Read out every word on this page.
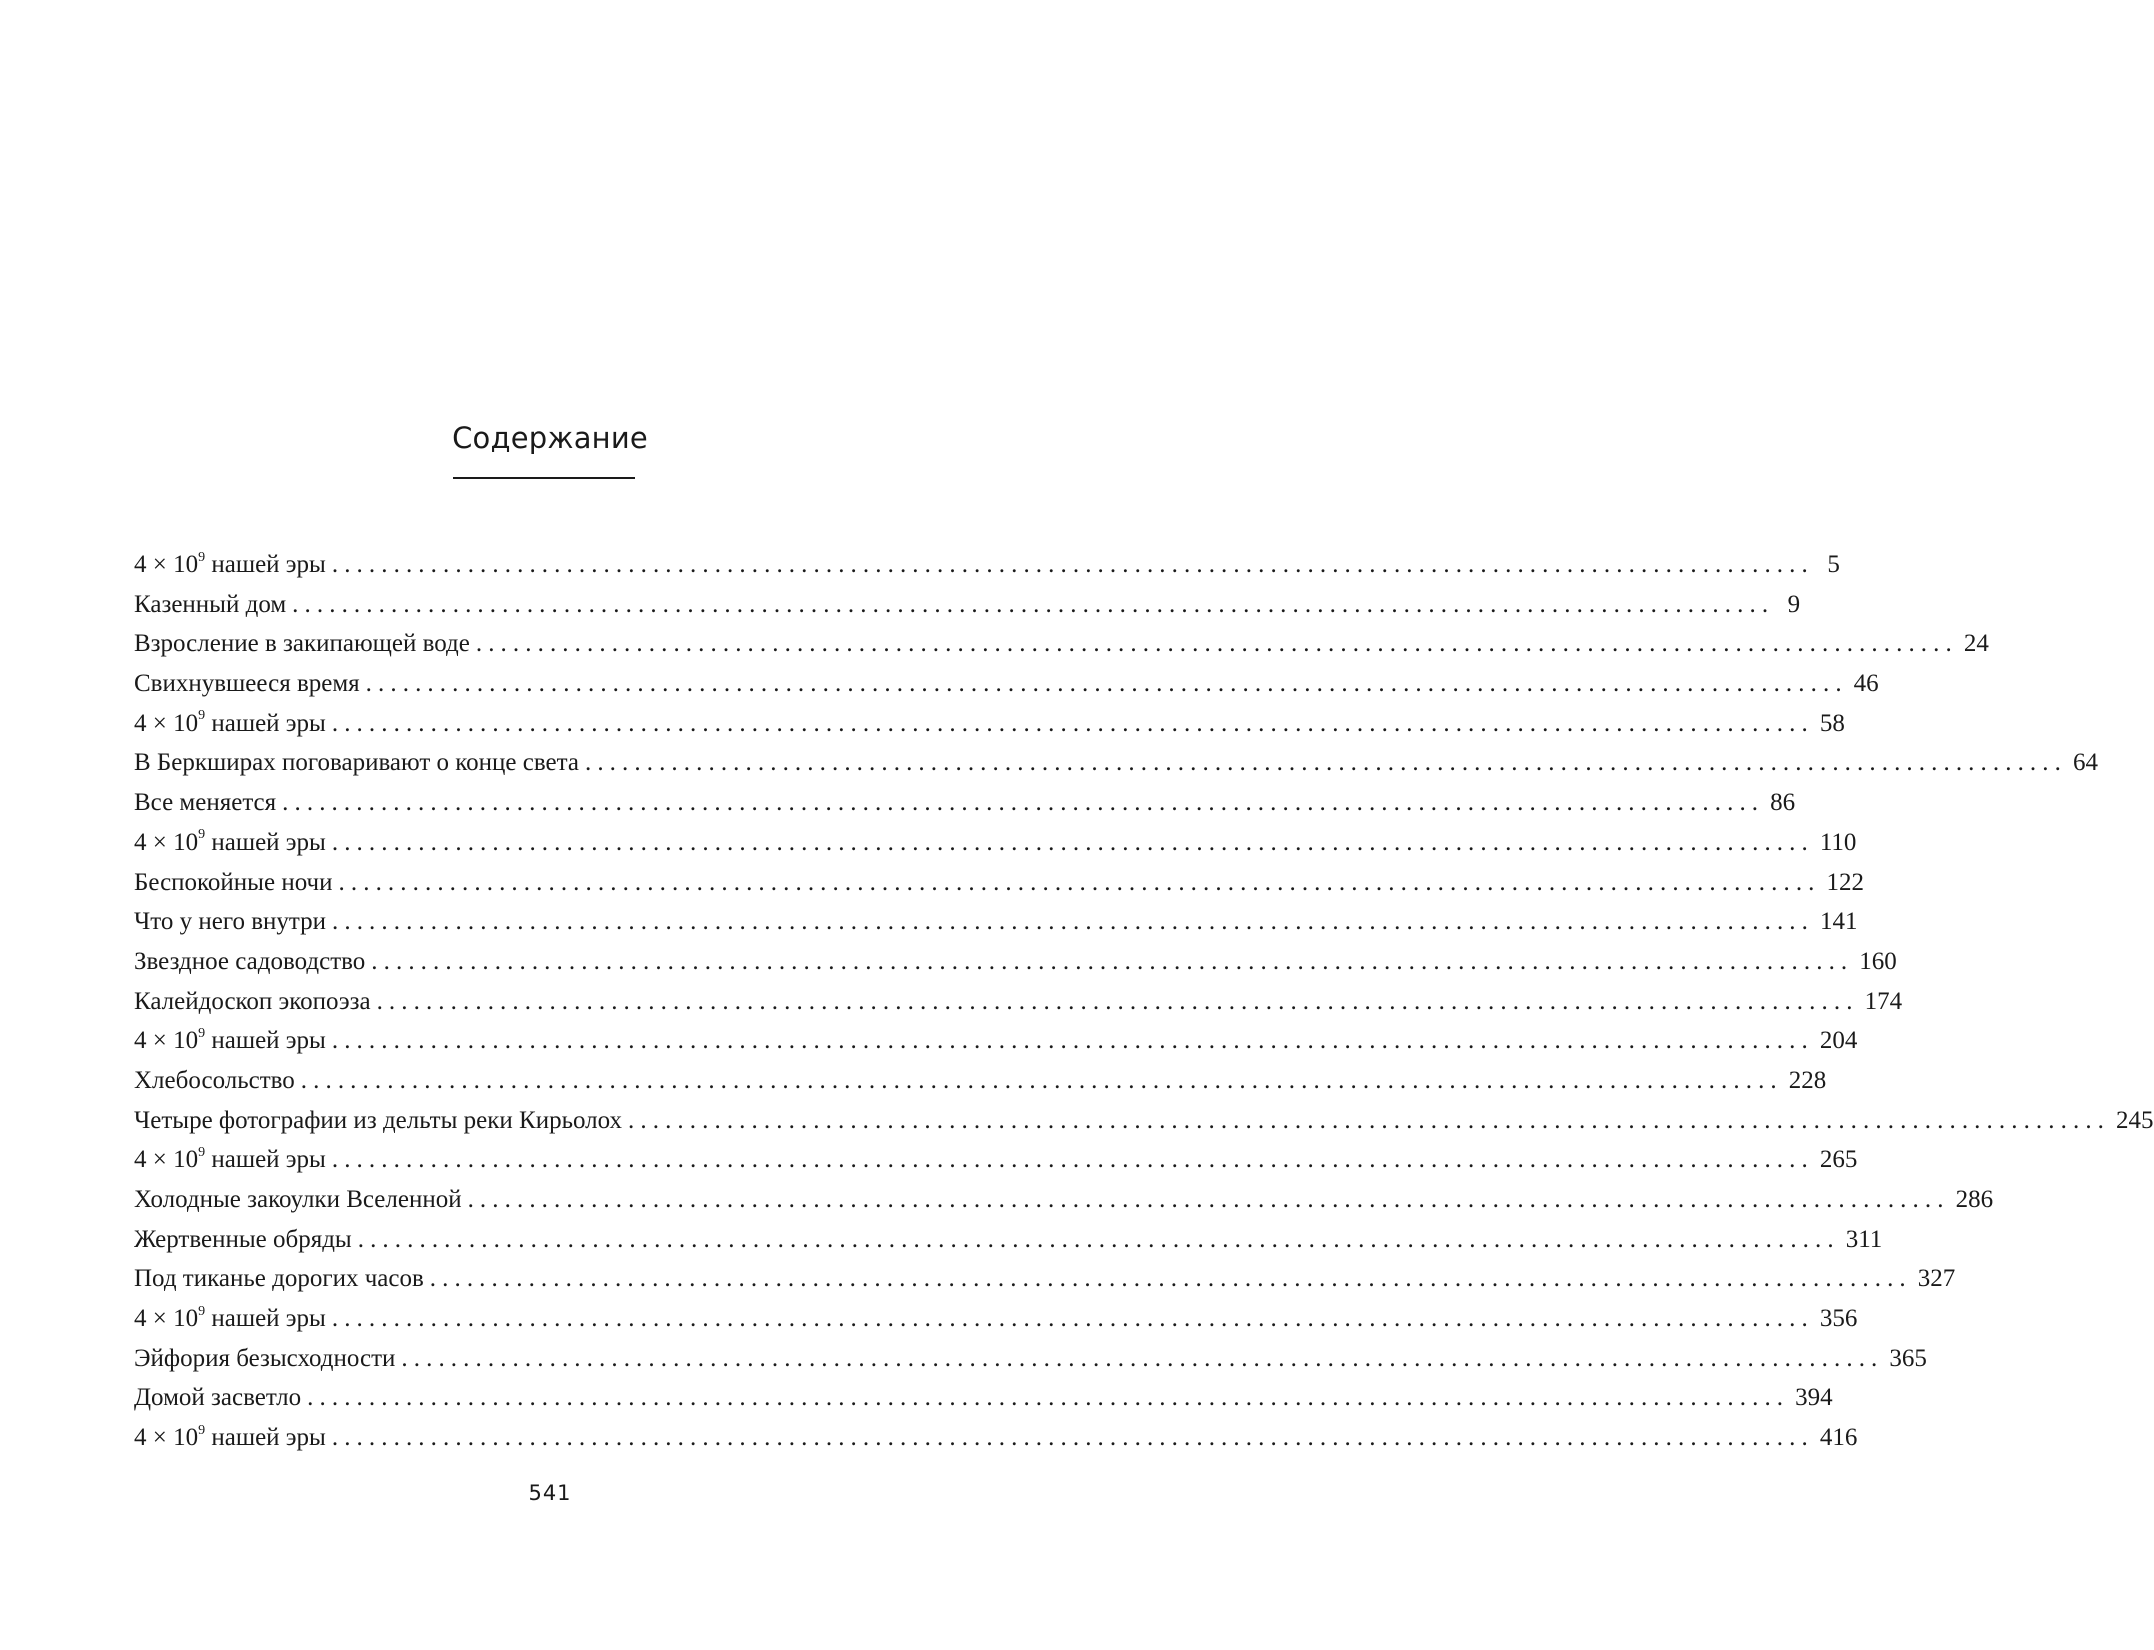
Содержание
$4 \times 10^9$ нашей эры ........................................................................................................................ 5
Казенный дом ........................................................................................................................ 9
Взросление в закипающей воде ........................................................................................................................ 24
Свихнувшееся время ........................................................................................................................ 46
$4 \times 10^9$ нашей эры ........................................................................................................................ 58
В Беркширах поговаривают о конце света ........................................................................................................................ 64
Все меняется ........................................................................................................................ 86
$4 \times 10^9$ нашей эры ........................................................................................................................ 110
Беспокойные ночи ........................................................................................................................ 122
Что у него внутри ........................................................................................................................ 141
Звездное садоводство ........................................................................................................................ 160
Калейдоскоп экопоэза ........................................................................................................................ 174
$4 \times 10^9$ нашей эры ........................................................................................................................ 204
Хлебосольство ........................................................................................................................ 228
Четыре фотографии из дельты реки Кирьолох ........................................................................................................................ 245
$4 \times 10^9$ нашей эры ........................................................................................................................ 265
Холодные закоулки Вселенной ........................................................................................................................ 286
Жертвенные обряды ........................................................................................................................ 311
Под тиканье дорогих часов ........................................................................................................................ 327
$4 \times 10^9$ нашей эры ........................................................................................................................ 356
Эйфория безысходности ........................................................................................................................ 365
Домой засветло ........................................................................................................................ 394
$4 \times 10^9$ нашей эры ........................................................................................................................ 416
541
